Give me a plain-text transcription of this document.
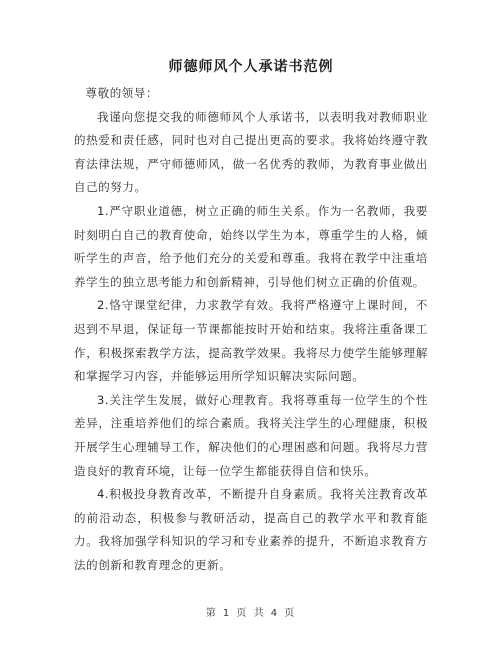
师德师风个人承诺书范例

尊敬的领导：

我谨向您提交我的师德师风个人承诺书，以表明我对教师职业的热爱和责任感，同时也对自己提出更高的要求。我将始终遵守教育法律法规，严守师德师风，做一名优秀的教师，为教育事业做出自己的努力。

1.严守职业道德，树立正确的师生关系。作为一名教师，我要时刻明白自己的教育使命，始终以学生为本，尊重学生的人格，倾听学生的声音，给予他们充分的关爱和尊重。我将在教学中注重培养学生的独立思考能力和创新精神，引导他们树立正确的价值观。

2.恪守课堂纪律，力求教学有效。我将严格遵守上课时间，不迟到不早退，保证每一节课都能按时开始和结束。我将注重备课工作，积极探索教学方法，提高教学效果。我将尽力使学生能够理解和掌握学习内容，并能够运用所学知识解决实际问题。

3.关注学生发展，做好心理教育。我将尊重每一位学生的个性差异，注重培养他们的综合素质。我将关注学生的心理健康，积极开展学生心理辅导工作，解决他们的心理困惑和问题。我将尽力营造良好的教育环境，让每一位学生都能获得自信和快乐。

4.积极投身教育改革，不断提升自身素质。我将关注教育改革的前沿动态，积极参与教研活动，提高自己的教学水平和教育能力。我将加强学科知识的学习和专业素养的提升，不断追求教育方法的创新和教育理念的更新。

第 1 页 共 4 页
